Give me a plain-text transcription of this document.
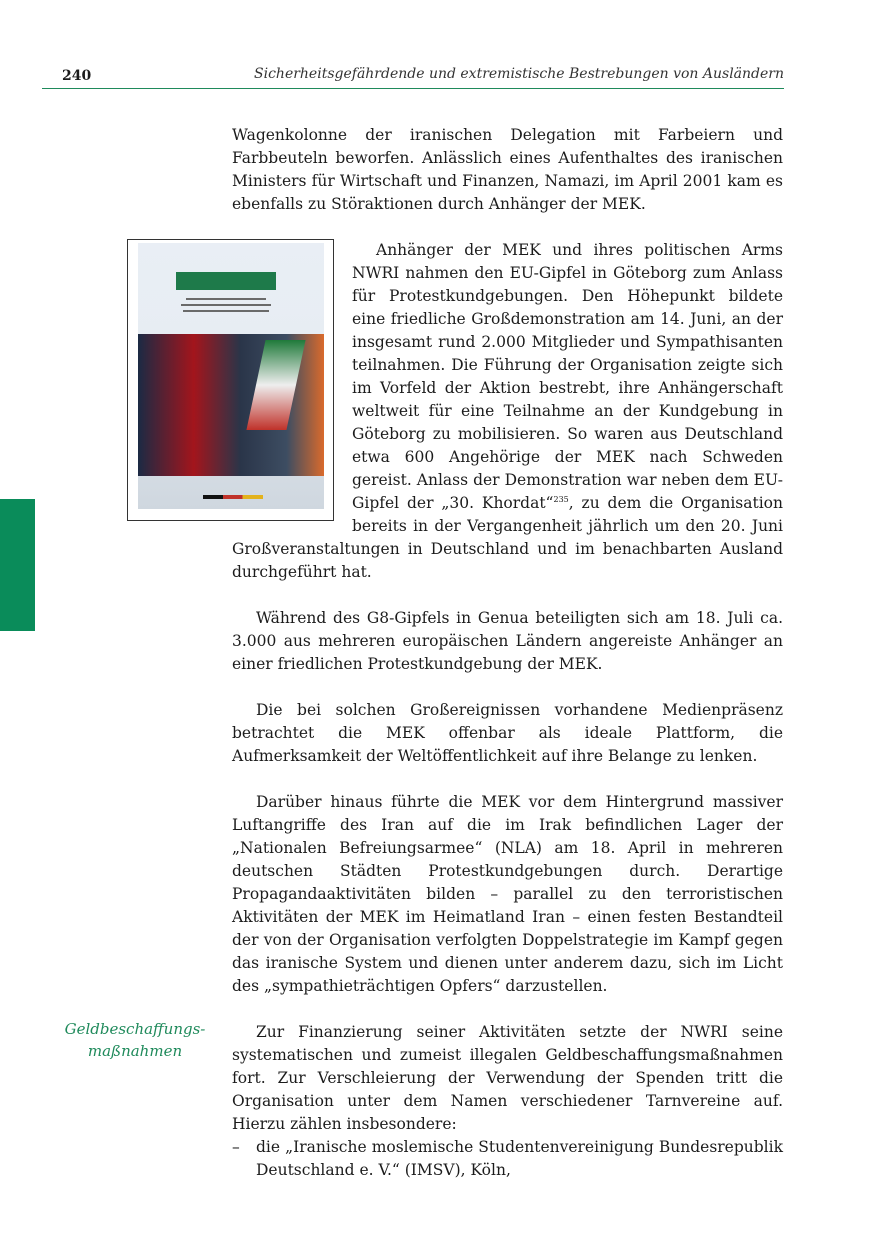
240	Sicherheitsgefährdende und extremistische Bestrebungen von Ausländern
Geldbeschaffungs-
maßnahmen

Wagenkolonne der iranischen Delegation mit Farbeiern und Farbbeuteln beworfen. Anlässlich eines Aufenthaltes des iranischen Ministers für Wirtschaft und Finanzen, Namazi, im April 2001 kam es ebenfalls zu Störaktionen durch Anhänger der MEK.

Anhänger der MEK und ihres politischen Arms NWRI nahmen den EU-Gipfel in Göteborg zum Anlass für Protestkundgebungen. Den Höhepunkt bildete eine friedliche Großdemonstration am 14. Juni, an der insgesamt rund 2.000 Mitglieder und Sympathisanten teilnahmen. Die Führung der Organisation zeigte sich im Vorfeld der Aktion bestrebt, ihre Anhängerschaft weltweit für eine Teilnahme an der Kundgebung in Göteborg zu mobilisieren. So waren aus Deutschland etwa 600 Angehörige der MEK nach Schweden gereist. Anlass der Demonstration war neben dem EU-Gipfel der „30. Khordat“$^{235}$, zu dem die Organisation bereits in der Vergangenheit jährlich um den 20. Juni Großveranstaltungen in Deutschland und im benachbarten Ausland durchgeführt hat.

Während des G8-Gipfels in Genua beteiligten sich am 18. Juli ca. 3.000 aus mehreren europäischen Ländern angereiste Anhänger an einer friedlichen Protestkundgebung der MEK.

Die bei solchen Großereignissen vorhandene Medienpräsenz betrachtet die MEK offenbar als ideale Plattform, die Aufmerksamkeit der Weltöffentlichkeit auf ihre Belange zu lenken.

Darüber hinaus führte die MEK vor dem Hintergrund massiver Luftangriffe des Iran auf die im Irak befindlichen Lager der „Nationalen Befreiungsarmee“ (NLA) am 18. April in mehreren deutschen Städten Protestkundgebungen durch. Derartige Propagandaaktivitäten bilden – parallel zu den terroristischen Aktivitäten der MEK im Heimatland Iran – einen festen Bestandteil der von der Organisation verfolgten Doppelstrategie im Kampf gegen das iranische System und dienen unter anderem dazu, sich im Licht des „sympathieträchtigen Opfers“ darzustellen.

Zur Finanzierung seiner Aktivitäten setzte der NWRI seine systematischen und zumeist illegalen Geldbeschaffungsmaßnahmen fort. Zur Verschleierung der Verwendung der Spenden tritt die Organisation unter dem Namen verschiedener Tarnvereine auf. Hierzu zählen insbesondere:

– die „Iranische moslemische Studentenvereinigung Bundesrepublik Deutschland e. V.“ (IMSV), Köln,
